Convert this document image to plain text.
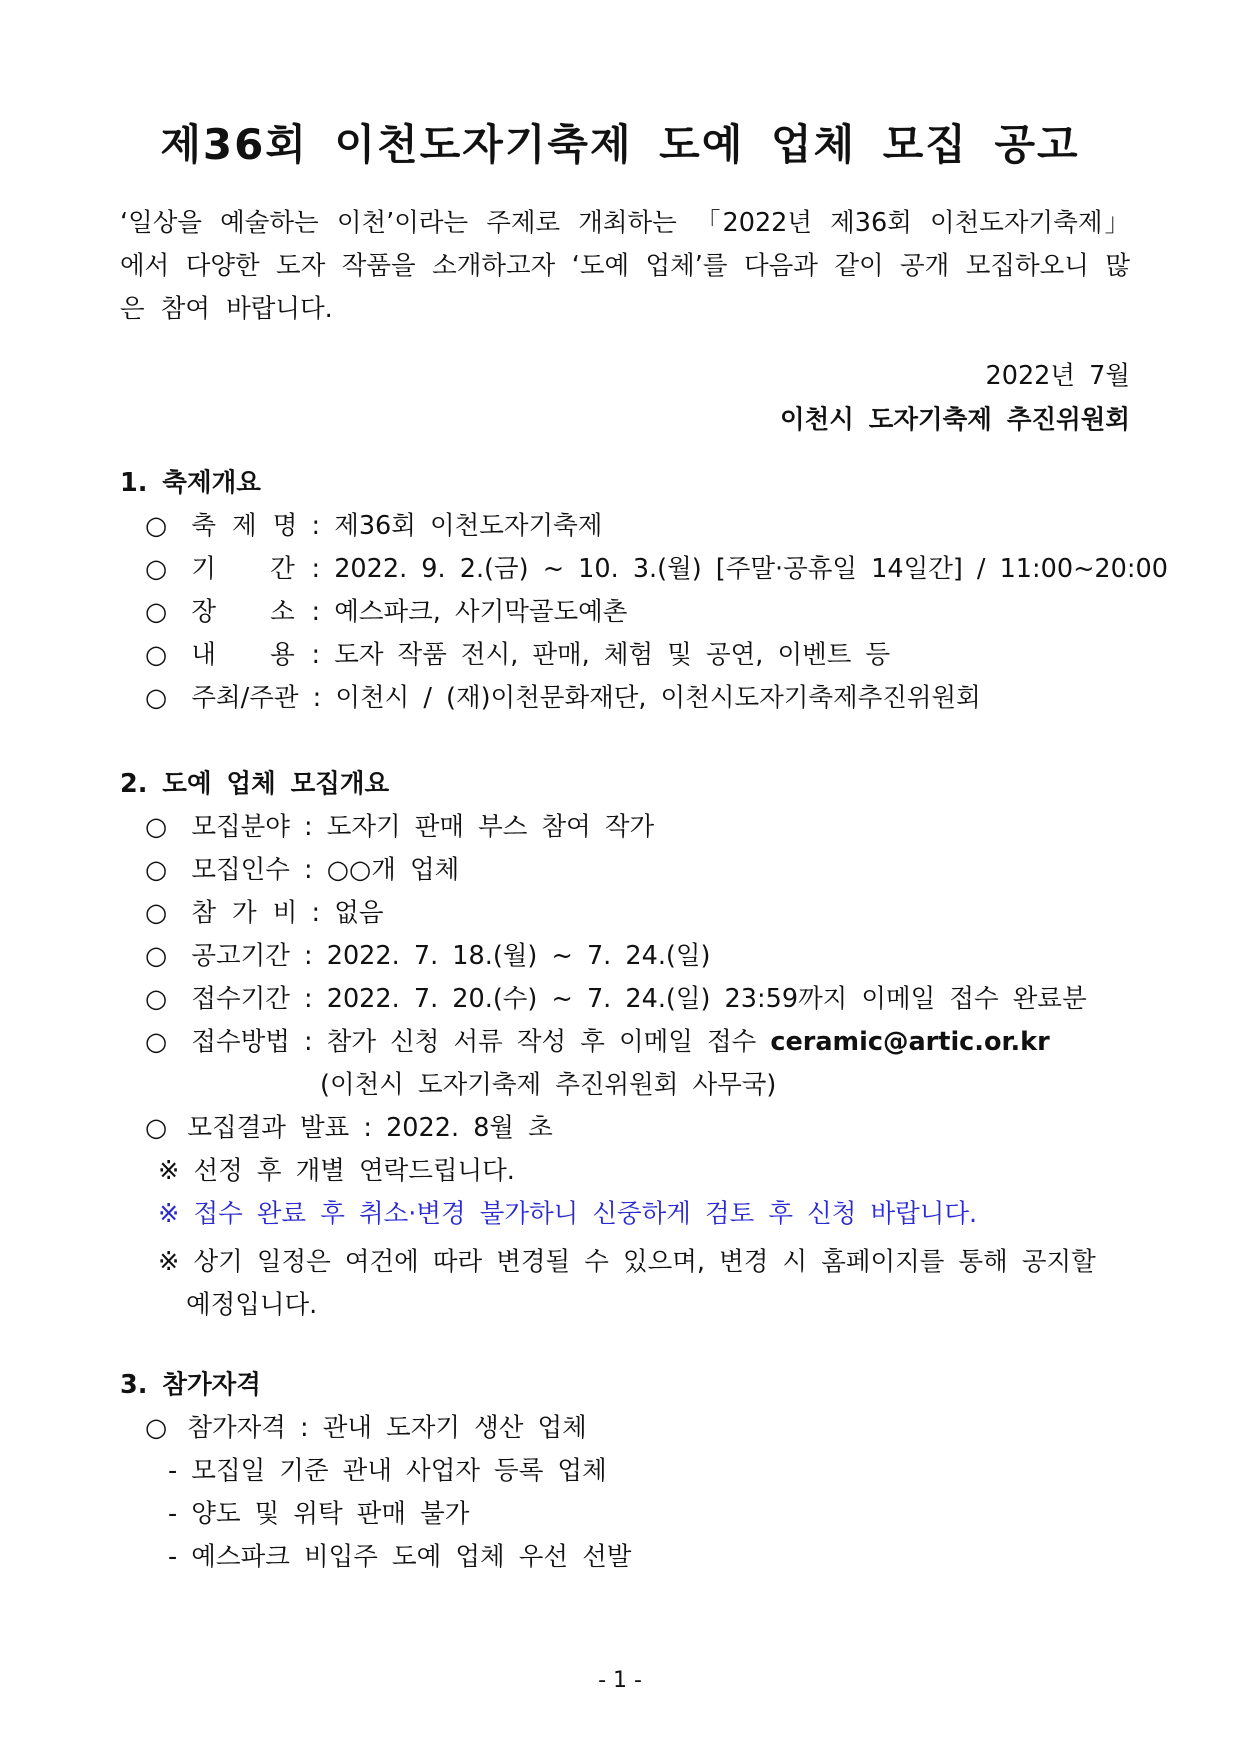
제36회 이천도자기축제 도예 업체 모집 공고
‘일상을 예술하는 이천’이라는 주제로 개최하는 「2022년 제36회 이천도자기축제」에서 다양한 도자 작품을 소개하고자 ‘도예 업체’를 다음과 같이 공개 모집하오니 많은 참여 바랍니다.
2022년 7월
이천시 도자기축제 추진위원회
1. 축제개요
○ 축 제 명 : 제36회 이천도자기축제
○ 기 간 : 2022. 9. 2.(금) ~ 10. 3.(월) [주말·공휴일 14일간] / 11:00~20:00
○ 장 소 : 예스파크, 사기막골도예촌
○ 내 용 : 도자 작품 전시, 판매, 체험 및 공연, 이벤트 등
○ 주최/주관 : 이천시 / (재)이천문화재단, 이천시도자기축제추진위원회
2. 도예 업체 모집개요
○ 모집분야 : 도자기 판매 부스 참여 작가
○ 모집인수 : ○○개 업체
○ 참 가 비 : 없음
○ 공고기간 : 2022. 7. 18.(월) ~ 7. 24.(일)
○ 접수기간 : 2022. 7. 20.(수) ~ 7. 24.(일) 23:59까지 이메일 접수 완료분
○ 접수방법 : 참가 신청 서류 작성 후 이메일 접수 ceramic@artic.or.kr
(이천시 도자기축제 추진위원회 사무국)
○ 모집결과 발표 : 2022. 8월 초
※ 선정 후 개별 연락드립니다.
※ 접수 완료 후 취소·변경 불가하니 신중하게 검토 후 신청 바랍니다.
※ 상기 일정은 여건에 따라 변경될 수 있으며, 변경 시 홈페이지를 통해 공지할
예정입니다.
3. 참가자격
○ 참가자격 : 관내 도자기 생산 업체
- 모집일 기준 관내 사업자 등록 업체
- 양도 및 위탁 판매 불가
- 예스파크 비입주 도예 업체 우선 선발
- 1 -
